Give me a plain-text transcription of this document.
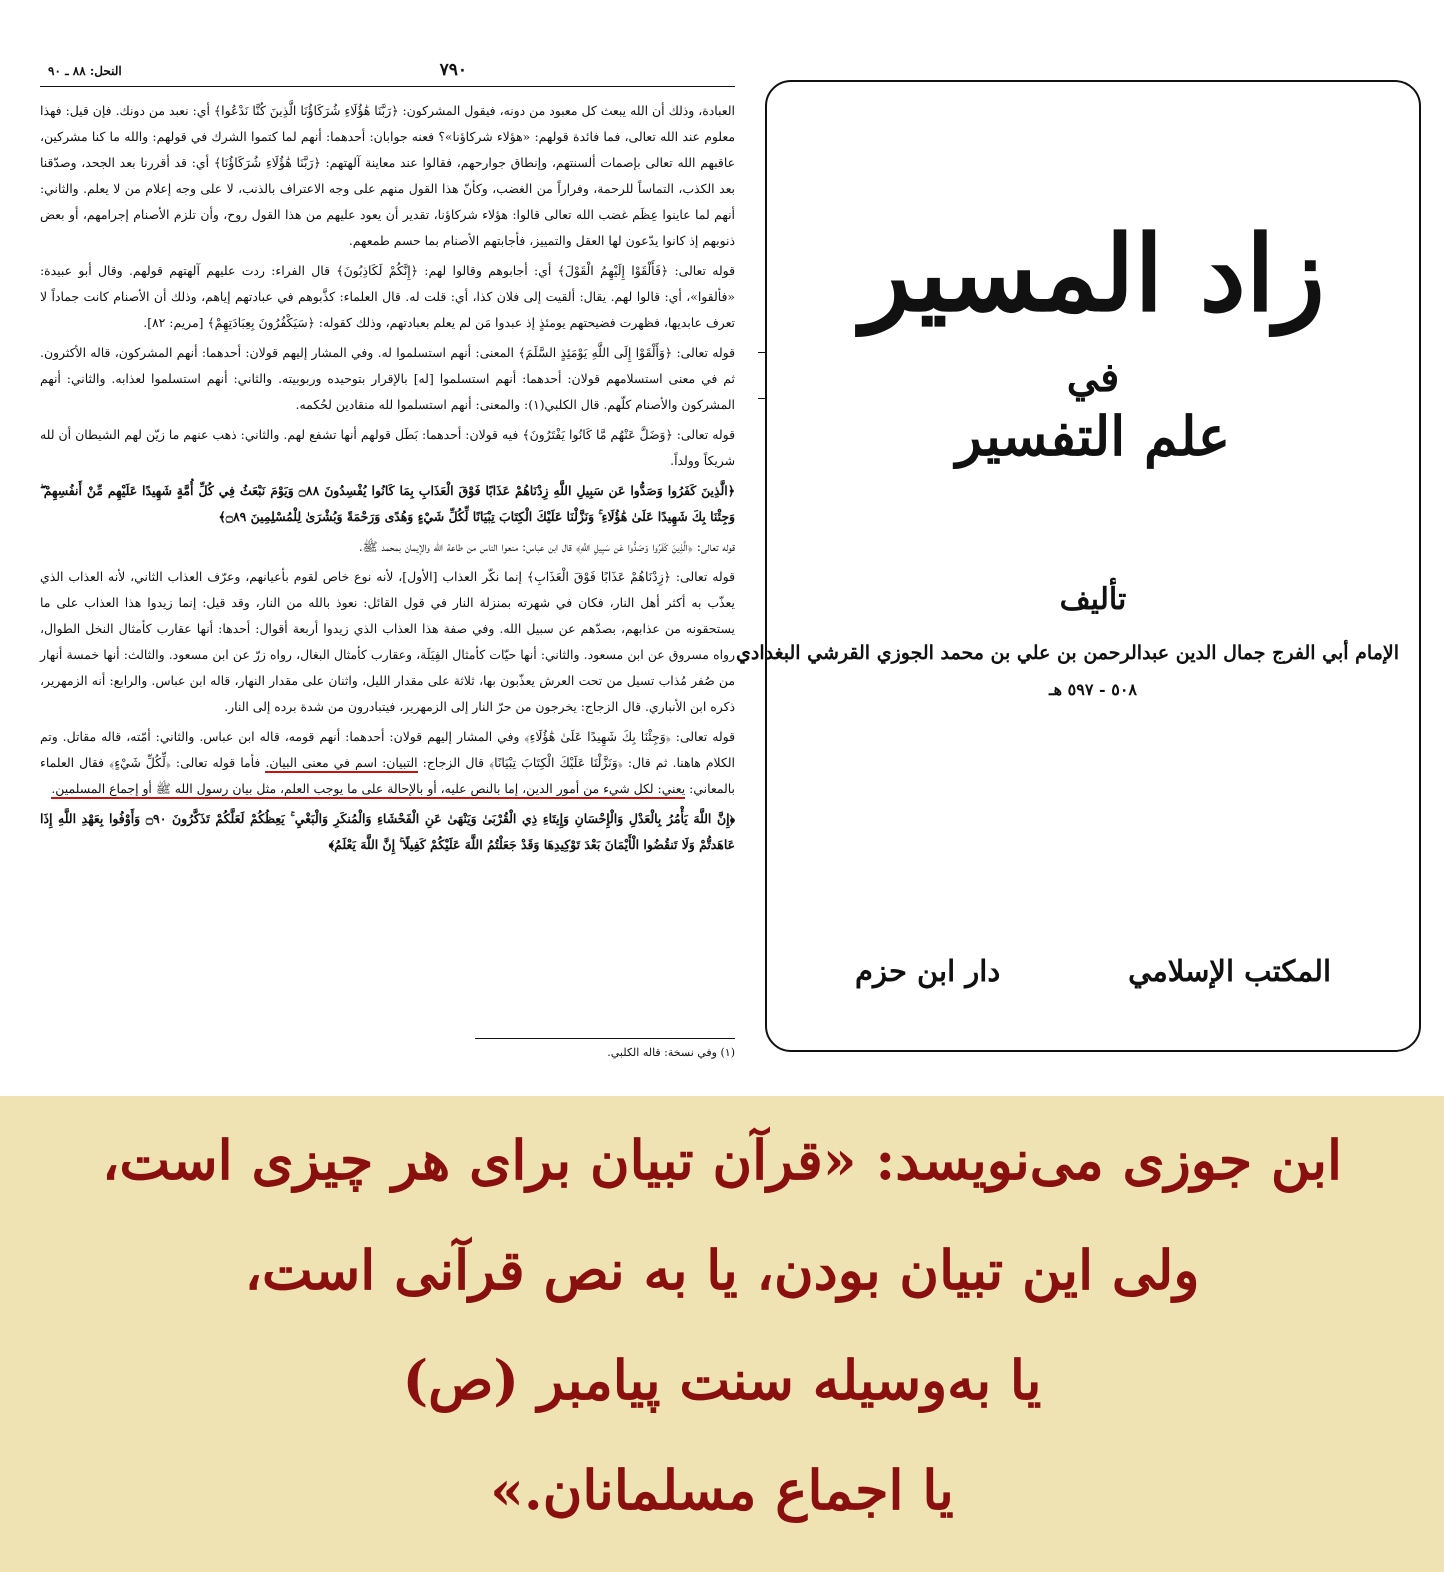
٧٩٠
النحل: ٨٨ ـ ٩٠

العبادة، وذلك أن الله يبعث كل معبود من دونه، فيقول المشركون: ﴿رَبَّنَا هَٰؤُلَاءِ شُرَكَاؤُنَا الَّذِينَ كُنَّا نَدْعُوا﴾ أي: نعبد من دونك. فإن قيل: فهذا معلوم عند الله تعالى، فما فائدة قولهم: «هؤلاء شركاؤنا»؟ فعنه جوابان: أحدهما: أنهم لما كتموا الشرك في قولهم: والله ما كنا مشركين، عاقبهم الله تعالى بإصمات ألسنتهم، وإنطاق جوارحهم، فقالوا عند معاينة آلهتهم: ﴿رَبَّنَا هَٰؤُلَاءِ شُرَكَاؤُنَا﴾ أي: قد أقررنا بعد الجحد، وصدّقنا بعد الكذب، التماساً للرحمة، وفراراً من الغضب، وكأنّ هذا القول منهم على وجه الاعتراف بالذنب، لا على وجه إعلام من لا يعلم. والثاني: أنهم لما عاينوا عِظَم غضب الله تعالى قالوا: هؤلاء شركاؤنا، تقدير أن يعود عليهم من هذا القول روح، وأن تلزم الأصنام إجرامهم، أو بعض ذنوبهم إذ كانوا يدّعون لها العقل والتمييز، فأجابتهم الأصنام بما حسم طمعهم.

قوله تعالى: ﴿فَأَلْقَوْا إِلَيْهِمُ الْقَوْلَ﴾ أي: أجابوهم وقالوا لهم: ﴿إِنَّكُمْ لَكَاذِبُونَ﴾ قال الفراء: ردت عليهم آلهتهم قولهم. وقال أبو عبيدة: «فألقوا»، أي: قالوا لهم. يقال: ألقيت إلى فلان كذا، أي: قلت له. قال العلماء: كذَّبوهم في عبادتهم إياهم، وذلك أن الأصنام كانت جماداً لا تعرف عابديها، فظهرت فضيحتهم يومئذٍ إذ عبدوا مَن لم يعلم بعبادتهم، وذلك كقوله: ﴿سَيَكْفُرُونَ بِعِبَادَتِهِمْ﴾ [مريم: ٨٢].

قوله تعالى: ﴿وَأَلْقَوْا إِلَى اللَّهِ يَوْمَئِذٍ السَّلَمَ﴾ المعنى: أنهم استسلموا له. وفي المشار إليهم قولان: أحدهما: أنهم المشركون، قاله الأكثرون. ثم في معنى استسلامهم قولان: أحدهما: أنهم استسلموا [له] بالإقرار بتوحيده وربوبيته. والثاني: أنهم استسلموا لعذابه. والثاني: أنهم المشركون والأصنام كلّهم. قال الكلبي(١): والمعنى: أنهم استسلموا لله منقادين لحُكمه.

قوله تعالى: ﴿وَضَلَّ عَنْهُم مَّا كَانُوا يَفْتَرُونَ﴾ فيه قولان: أحدهما: بَطَل قولهم أنها تشفع لهم. والثاني: ذهب عنهم ما زيّن لهم الشيطان أن لله شريكاً وولداً.

﴿الَّذِينَ كَفَرُوا وَصَدُّوا عَن سَبِيلِ اللَّهِ زِدْنَاهُمْ عَذَابًا فَوْقَ الْعَذَابِ بِمَا كَانُوا يُفْسِدُونَ ۝٨٨ وَيَوْمَ نَبْعَثُ فِي كُلِّ أُمَّةٍ شَهِيدًا عَلَيْهِم مِّنْ أَنفُسِهِمْ ۖ وَجِئْنَا بِكَ شَهِيدًا عَلَىٰ هَٰؤُلَاءِ ۚ وَنَزَّلْنَا عَلَيْكَ الْكِتَابَ تِبْيَانًا لِّكُلِّ شَيْءٍ وَهُدًى وَرَحْمَةً وَبُشْرَىٰ لِلْمُسْلِمِينَ ۝٨٩﴾

قوله تعالى: ﴿الَّذِينَ كَفَرُوا وَصَدُّوا عَن سَبِيلِ اللَّهِ﴾ قال ابن عباس: منعوا الناس من طاعة الله والإيمان بمحمد ﷺ.

قوله تعالى: ﴿زِدْنَاهُمْ عَذَابًا فَوْقَ الْعَذَابِ﴾ إنما نكّر العذاب [الأول]، لأنه نوع خاص لقوم بأعيانهم، وعرّف العذاب الثاني، لأنه العذاب الذي يعذّب به أكثر أهل النار، فكان في شهرته بمنزلة النار في قول القائل: نعوذ بالله من النار، وقد قيل: إنما زيدوا هذا العذاب على ما يستحقونه من عذابهم، بصدّهم عن سبيل الله. وفي صفة هذا العذاب الذي زيدوا أربعة أقوال: أحدها: أنها عقارب كأمثال النخل الطوال، رواه مسروق عن ابن مسعود. والثاني: أنها حيّات كأمثال الفِيَلَة، وعقارب كأمثال البغال، رواه زرّ عن ابن مسعود. والثالث: أنها خمسة أنهار من صُفر مُذاب تسيل من تحت العرش يعذّبون بها، ثلاثة على مقدار الليل، واثنان على مقدار النهار، قاله ابن عباس. والرابع: أنه الزمهرير، ذكره ابن الأنباري. قال الزجاج: يخرجون من حرّ النار إلى الزمهرير، فيتبادرون من شدة برده إلى النار.

قوله تعالى: ﴿وَجِئْنَا بِكَ شَهِيدًا عَلَىٰ هَٰؤُلَاءِ﴾ وفي المشار إليهم قولان: أحدهما: أنهم قومه، قاله ابن عباس. والثاني: أمّته، قاله مقاتل. وتم الكلام هاهنا. ثم قال: ﴿وَنَزَّلْنَا عَلَيْكَ الْكِتَابَ تِبْيَانًا﴾ قال الزجاج: التبيان: اسم في معنى البيان. فأما قوله تعالى: ﴿لِّكُلِّ شَيْءٍ﴾ فقال العلماء بالمعاني: يعني: لكل شيء من أمور الدين، إما بالنص عليه، أو بالإحالة على ما يوجب العلم، مثل بيان رسول الله ﷺ أو إجماع المسلمين.

﴿إِنَّ اللَّهَ يَأْمُرُ بِالْعَدْلِ وَالْإِحْسَانِ وَإِيتَاءِ ذِي الْقُرْبَىٰ وَيَنْهَىٰ عَنِ الْفَحْشَاءِ وَالْمُنكَرِ وَالْبَغْيِ ۚ يَعِظُكُمْ لَعَلَّكُمْ تَذَكَّرُونَ ۝٩٠ وَأَوْفُوا بِعَهْدِ اللَّهِ إِذَا عَاهَدتُّمْ وَلَا تَنقُضُوا الْأَيْمَانَ بَعْدَ تَوْكِيدِهَا وَقَدْ جَعَلْتُمُ اللَّهَ عَلَيْكُمْ كَفِيلًا ۚ إِنَّ اللَّهَ يَعْلَمُ﴾

(١) وفي نسخة: قاله الكلبي.
زاد المسير
في
علم التفسير
تأليف
الإمام أبي الفرج جمال الدين عبدالرحمن بن علي بن محمد الجوزي القرشي البغدادي
٥٠٨ - ٥٩٧ هـ
المكتب الإسلامي
دار ابن حزم
ابن جوزی می‌نویسد: «قرآن تبیان برای هر چیزی است،
ولی این تبیان بودن، یا به نص قرآنی است،
یا به‌وسیله سنت پیامبر (ص)
یا اجماع مسلمانان.»
